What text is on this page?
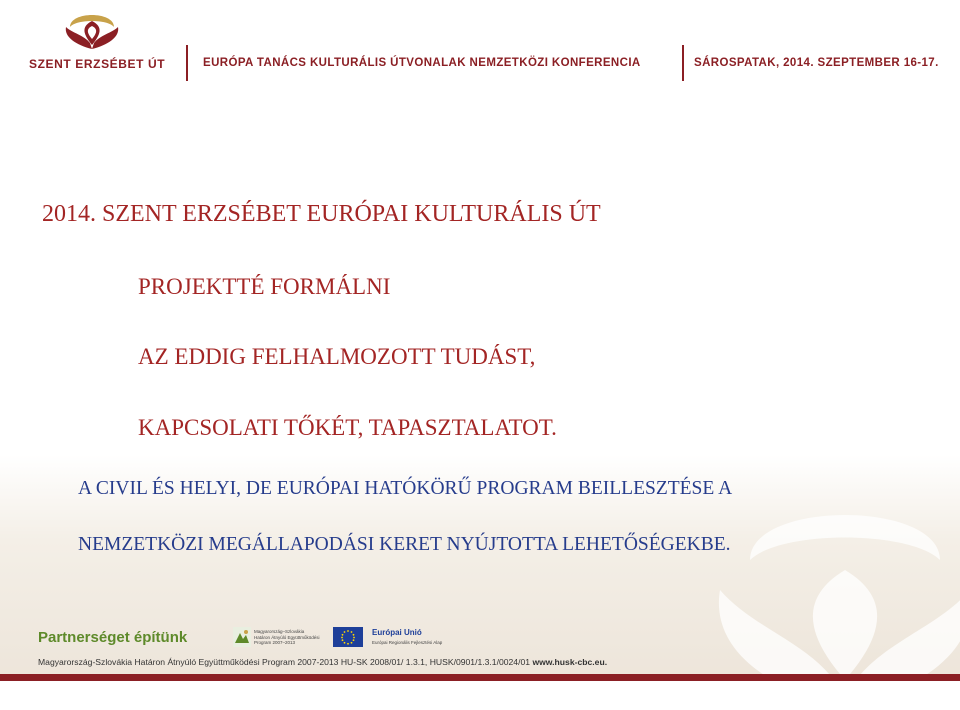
SZENT ERZSÉBET ÚT	EURÓPA TANÁCS KULTURÁLIS ÚTVONALAK NEMZETKÖZI KONFERENCIA	SÁROSPATAK, 2014. SZEPTEMBER 16-17.
2014. SZENT ERZSÉBET EURÓPAI KULTURÁLIS ÚT
PROJEKTTÉ FORMÁLNI
AZ EDDIG FELHALMOZOTT TUDÁST,
KAPCSOLATI TŐKÉT, TAPASZTALATOT.
A CIVIL ÉS HELYI, DE EURÓPAI HATÓKÖRŰ PROGRAM BEILLESZTÉSE A
NEMZETKÖZI MEGÁLLAPODÁSI KERET NYÚJTOTTA LEHETŐSÉGEKBE.
Partnerséget építünk	Magyarország–Szlovákia
Határon Átnyúló Együttműködési
Program 2007–2013
Európai Unió
Európai Regionális Fejlesztési Alap
Magyarország-Szlovákia Határon Átnyúló Együttműködési Program 2007-2013 HU-SK 2008/01/ 1.3.1, HUSK/0901/1.3.1/0024/01 www.husk-cbc.eu.
